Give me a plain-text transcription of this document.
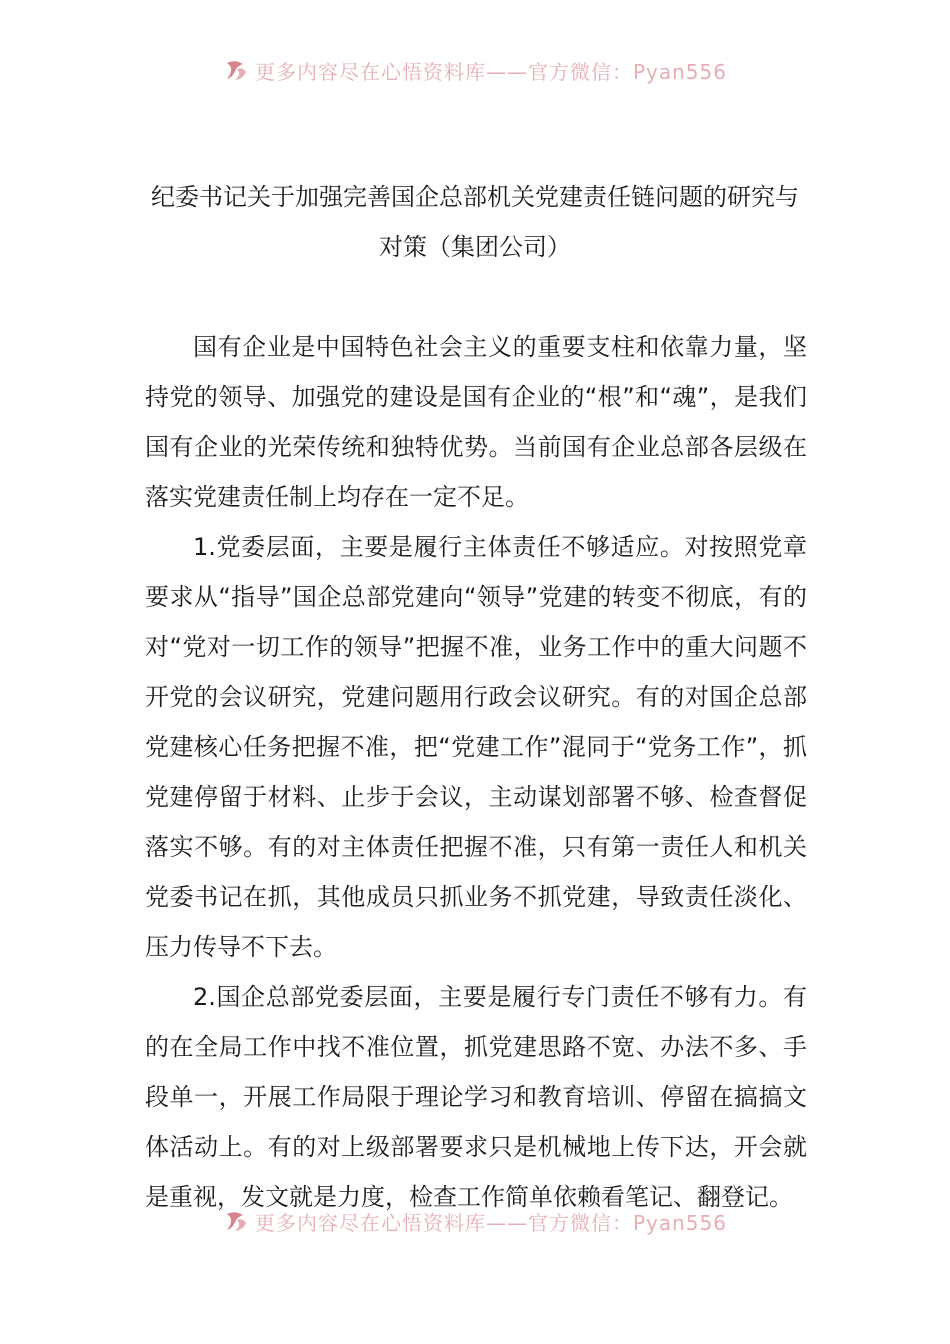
更多内容尽在心悟资料库——官方微信：Pyan556
纪委书记关于加强完善国企总部机关党建责任链问题的研究与
对策（集团公司）

国有企业是中国特色社会主义的重要支柱和依靠力量，坚持党的领导、加强党的建设是国有企业的“根”和“魂”，是我们国有企业的光荣传统和独特优势。当前国有企业总部各层级在落实党建责任制上均存在一定不足。

1.党委层面，主要是履行主体责任不够适应。对按照党章要求从“指导”国企总部党建向“领导”党建的转变不彻底，有的对“党对一切工作的领导”把握不准，业务工作中的重大问题不开党的会议研究，党建问题用行政会议研究。有的对国企总部党建核心任务把握不准，把“党建工作”混同于“党务工作”，抓党建停留于材料、止步于会议，主动谋划部署不够、检查督促落实不够。有的对主体责任把握不准，只有第一责任人和机关党委书记在抓，其他成员只抓业务不抓党建，导致责任淡化、压力传导不下去。

2.国企总部党委层面，主要是履行专门责任不够有力。有的在全局工作中找不准位置，抓党建思路不宽、办法不多、手段单一，开展工作局限于理论学习和教育培训、停留在搞搞文体活动上。有的对上级部署要求只是机械地上传下达，开会就是重视，发文就是力度，检查工作简单依赖看笔记、翻登记。

更多内容尽在心悟资料库——官方微信：Pyan556
